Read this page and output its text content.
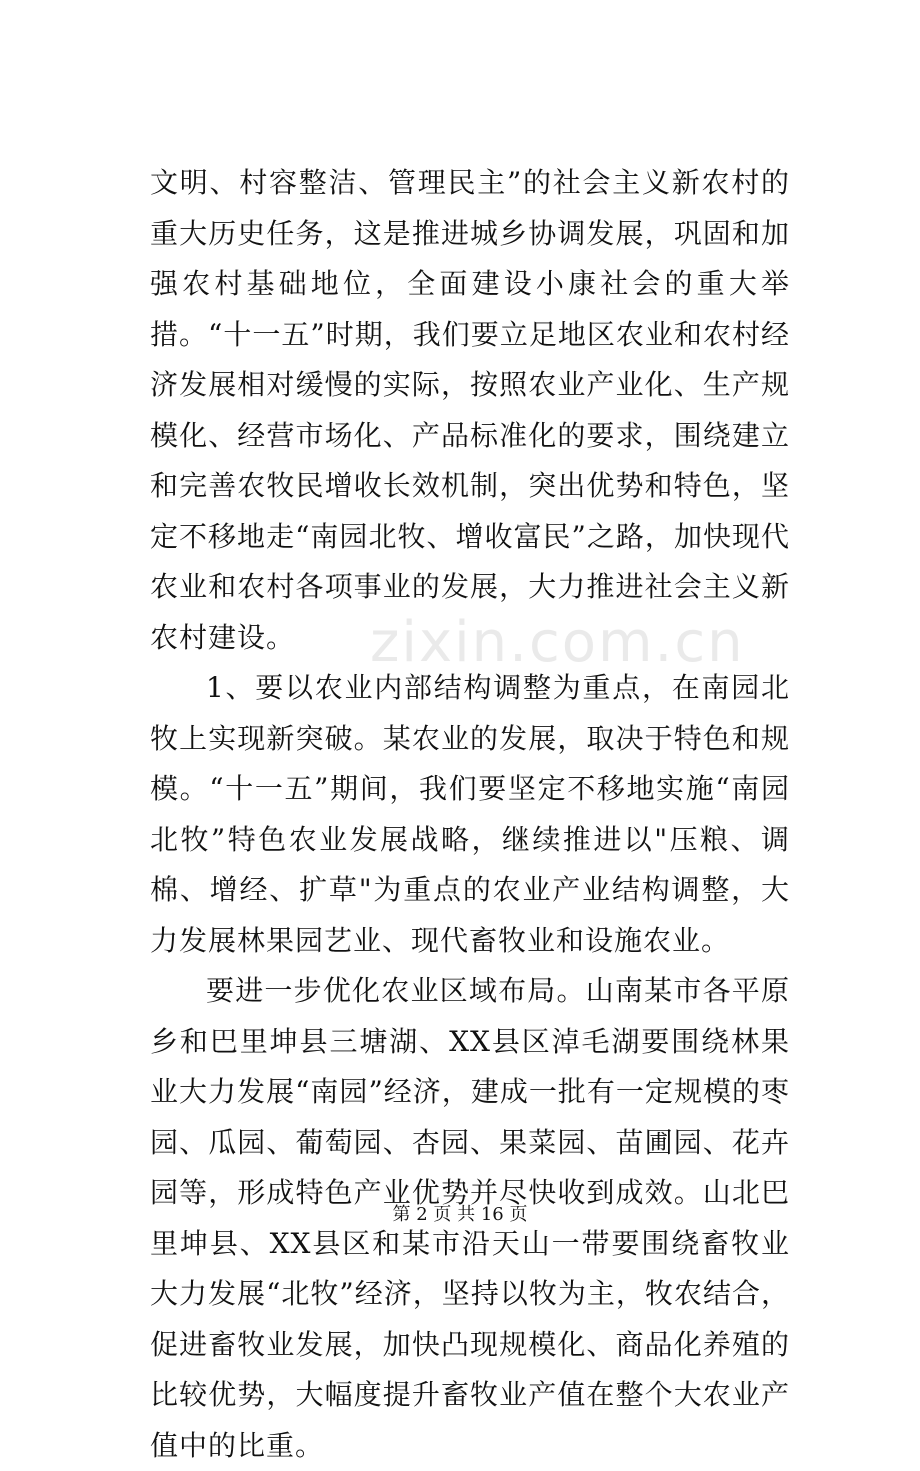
文明、村容整洁、管理民主”的社会主义新农村的重大历史任务，这是推进城乡协调发展，巩固和加强农村基础地位，全面建设小康社会的重大举措。“十一五”时期，我们要立足地区农业和农村经济发展相对缓慢的实际，按照农业产业化、生产规模化、经营市场化、产品标准化的要求，围绕建立和完善农牧民增收长效机制，突出优势和特色，坚定不移地走“南园北牧、增收富民”之路，加快现代农业和农村各项事业的发展，大力推进社会主义新农村建设。

1、要以农业内部结构调整为重点，在南园北牧上实现新突破。某农业的发展，取决于特色和规模。“十一五”期间，我们要坚定不移地实施“南园北牧”特色农业发展战略，继续推进以"压粮、调棉、增经、扩草"为重点的农业产业结构调整，大力发展林果园艺业、现代畜牧业和设施农业。

要进一步优化农业区域布局。山南某市各平原乡和巴里坤县三塘湖、XX县区淖毛湖要围绕林果业大力发展“南园”经济，建成一批有一定规模的枣园、瓜园、葡萄园、杏园、果菜园、苗圃园、花卉园等，形成特色产业优势并尽快收到成效。山北巴里坤县、XX县区和某市沿天山一带要围绕畜牧业大力发展“北牧”经济，坚持以牧为主，牧农结合，促进畜牧业发展，加快凸现规模化、商品化养殖的比较优势，大幅度提升畜牧业产值在整个大农业产值中的比重。

zixin.com.cn
第 2 页 共 16 页
